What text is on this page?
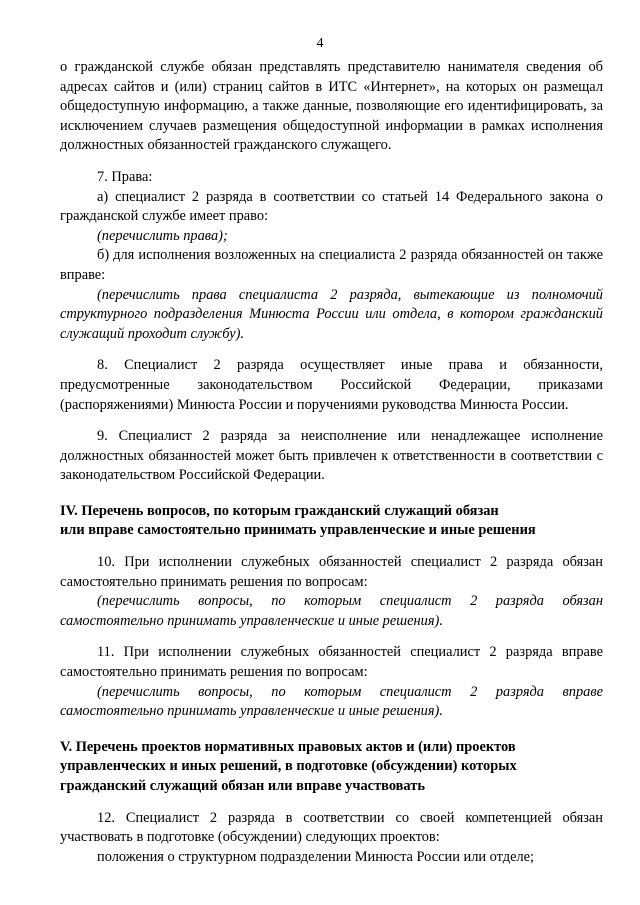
4

о гражданской службе обязан представлять представителю нанимателя сведения об адресах сайтов и (или) страниц сайтов в ИТС «Интернет», на которых он размещал общедоступную информацию, а также данные, позволяющие его идентифицировать, за исключением случаев размещения общедоступной информации в рамках исполнения должностных обязанностей гражданского служащего.

7. Права:

а) специалист 2 разряда в соответствии со статьей 14 Федерального закона о гражданской службе имеет право:

(перечислить права);

б) для исполнения возложенных на специалиста 2 разряда обязанностей он также вправе:

(перечислить права специалиста 2 разряда, вытекающие из полномочий структурного подразделения Минюста России или отдела, в котором гражданский служащий проходит службу).

8. Специалист 2 разряда осуществляет иные права и обязанности, предусмотренные законодательством Российской Федерации, приказами (распоряжениями) Минюста России и поручениями руководства Минюста России.

9. Специалист 2 разряда за неисполнение или ненадлежащее исполнение должностных обязанностей может быть привлечен к ответственности в соответствии с законодательством Российской Федерации.

IV. Перечень вопросов, по которым гражданский служащий обязан

или вправе самостоятельно принимать управленческие и иные решения

10. При исполнении служебных обязанностей специалист 2 разряда обязан самостоятельно принимать решения по вопросам:

(перечислить вопросы, по которым специалист 2 разряда обязан самостоятельно принимать управленческие и иные решения).

11. При исполнении служебных обязанностей специалист 2 разряда вправе самостоятельно принимать решения по вопросам:

(перечислить вопросы, по которым специалист 2 разряда вправе самостоятельно принимать управленческие и иные решения).

V. Перечень проектов нормативных правовых актов и (или) проектов

управленческих и иных решений, в подготовке (обсуждении) которых

гражданский служащий обязан или вправе участвовать

12. Специалист 2 разряда в соответствии со своей компетенцией обязан участвовать в подготовке (обсуждении) следующих проектов:

положения о структурном подразделении Минюста России или отделе;
